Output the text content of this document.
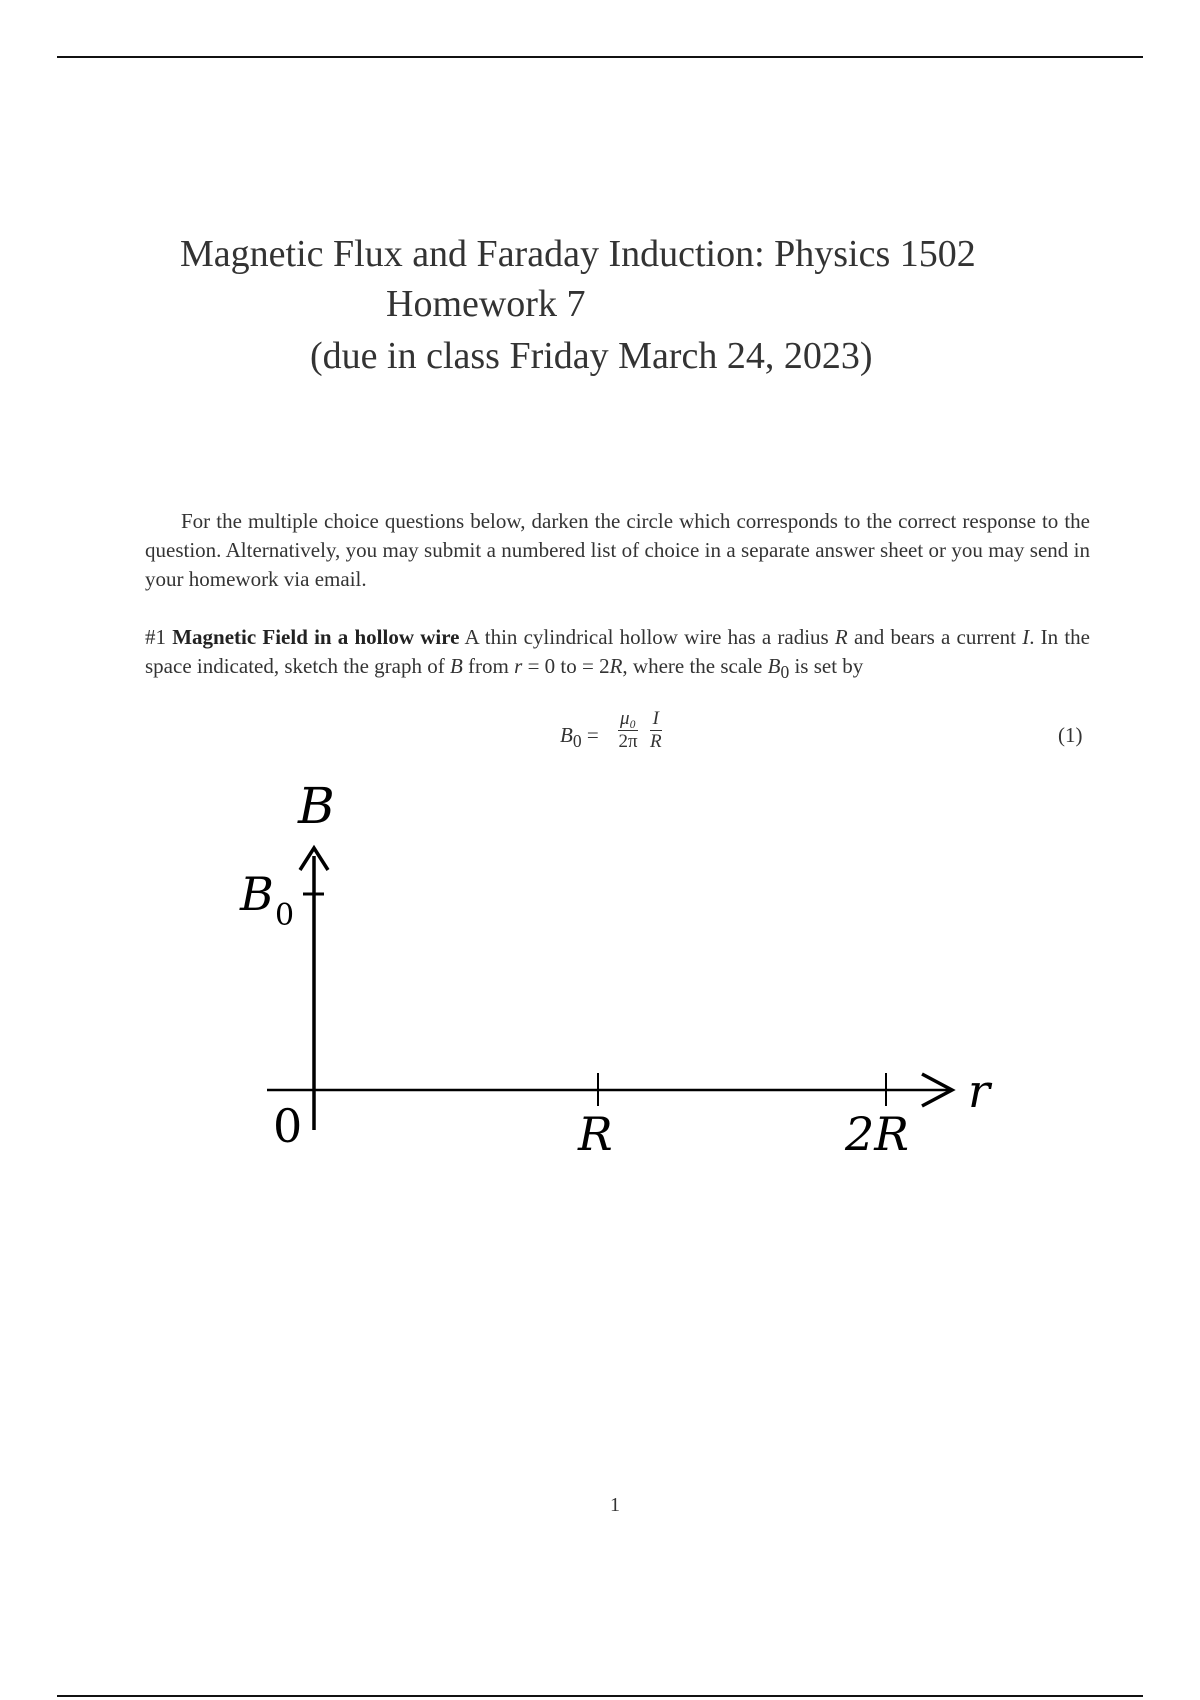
Magnetic Flux and Faraday Induction: Physics 1502
Homework 7
(due in class Friday March 24, 2023)
For the multiple choice questions below, darken the circle which corresponds to the correct response to the question. Alternatively, you may submit a numbered list of choice in a separate answer sheet or you may send in your homework via email.
#1 Magnetic Field in a hollow wire A thin cylindrical hollow wire has a radius R and bears a current I. In the space indicated, sketch the graph of B from r = 0 to = 2R, where the scale $B_0$ is set by
$B_0 = \frac{\text{μ₀}}{2\pi} \frac{I}{R}$	(1)
B
B 0
0	R	2R
r
1
